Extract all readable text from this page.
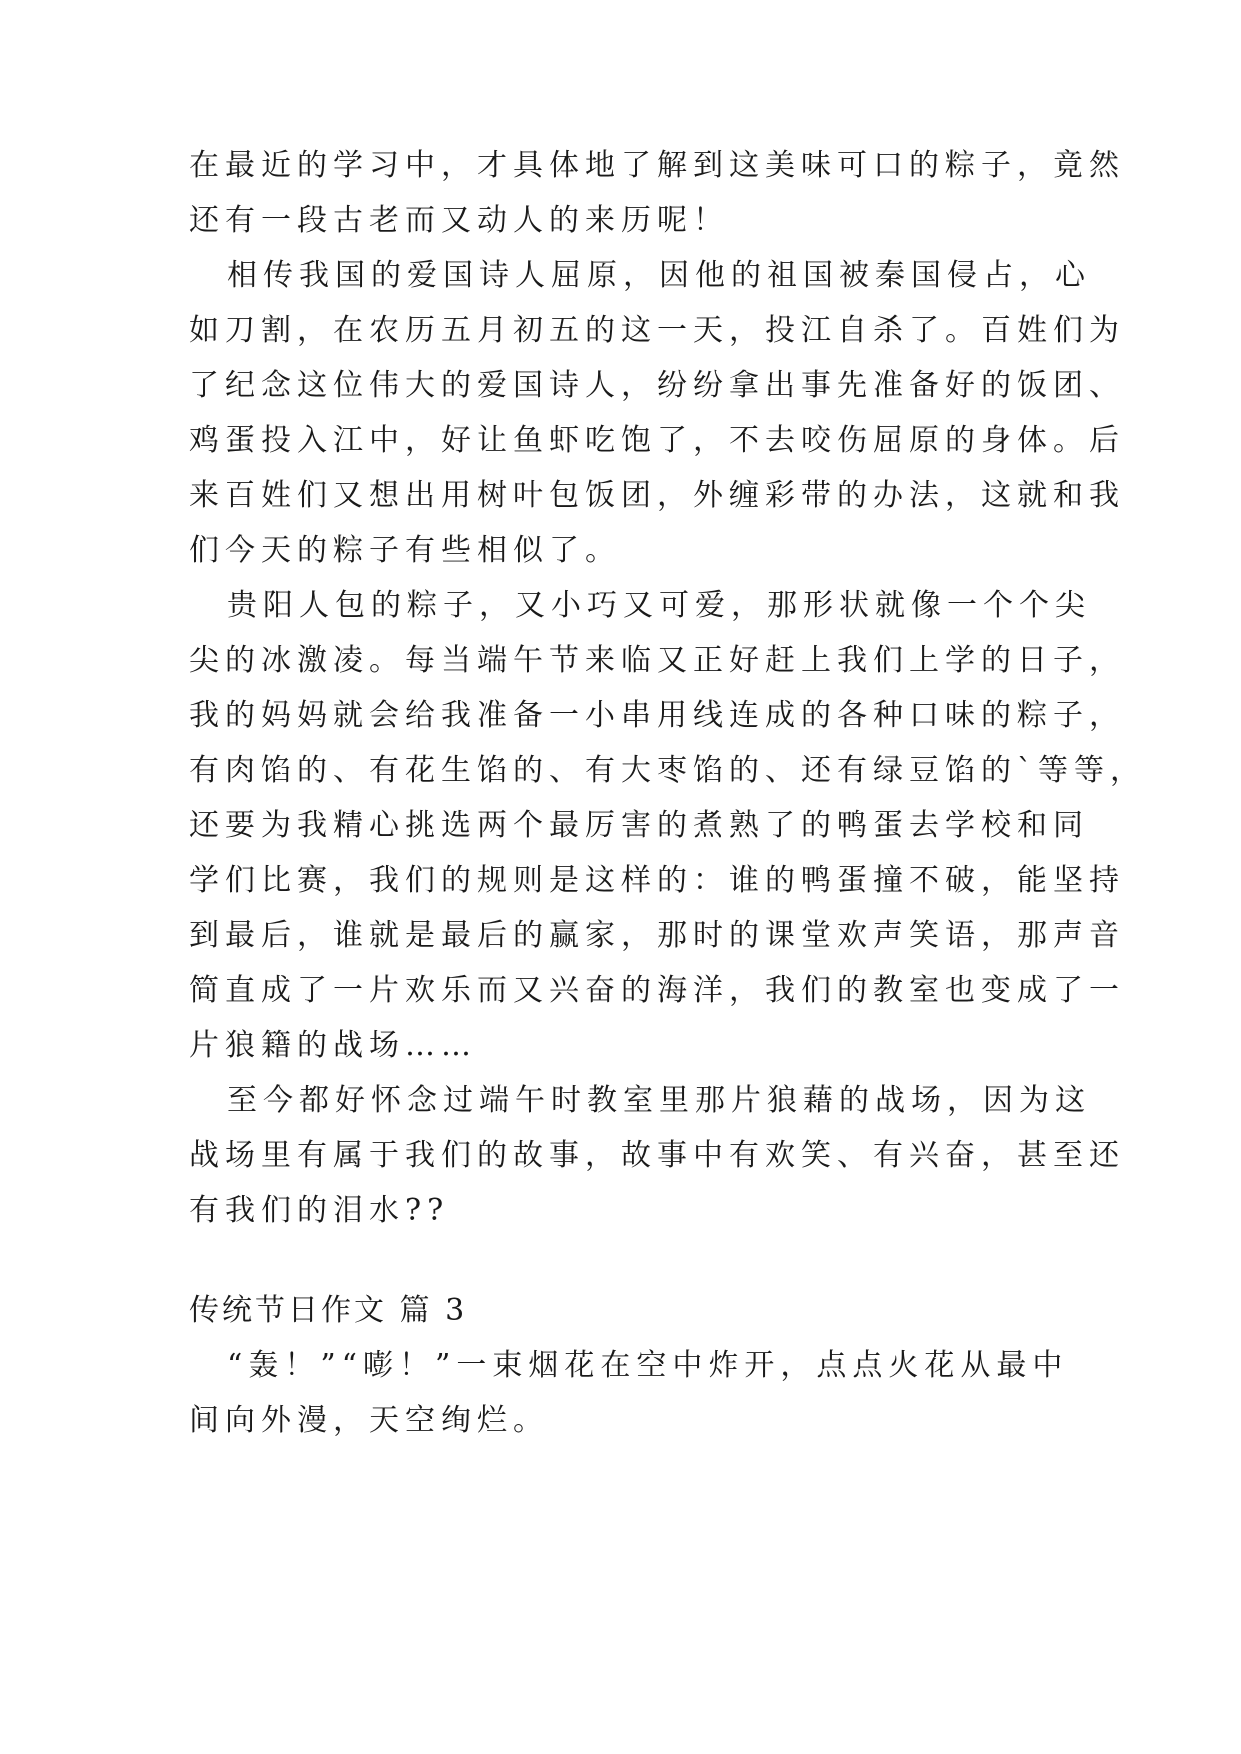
在最近的学习中，才具体地了解到这美味可口的粽子，竟然
还有一段古老而又动人的来历呢！
相传我国的爱国诗人屈原，因他的祖国被秦国侵占，心
如刀割，在农历五月初五的这一天，投江自杀了。百姓们为
了纪念这位伟大的爱国诗人，纷纷拿出事先准备好的饭团、
鸡蛋投入江中，好让鱼虾吃饱了，不去咬伤屈原的身体。后
来百姓们又想出用树叶包饭团，外缠彩带的办法，这就和我
们今天的粽子有些相似了。
贵阳人包的粽子，又小巧又可爱，那形状就像一个个尖
尖的冰激凌。每当端午节来临又正好赶上我们上学的日子，
我的妈妈就会给我准备一小串用线连成的各种口味的粽子，
有肉馅的、有花生馅的、有大枣馅的、还有绿豆馅的`等等，
还要为我精心挑选两个最厉害的煮熟了的鸭蛋去学校和同
学们比赛，我们的规则是这样的：谁的鸭蛋撞不破，能坚持
到最后，谁就是最后的赢家，那时的课堂欢声笑语，那声音
简直成了一片欢乐而又兴奋的海洋，我们的教室也变成了一
片狼籍的战场……
至今都好怀念过端午时教室里那片狼藉的战场，因为这
战场里有属于我们的故事，故事中有欢笑、有兴奋，甚至还
有我们的泪水??
传统节日作文 篇 3
“轰！”“嘭！”一束烟花在空中炸开，点点火花从最中
间向外漫，天空绚烂。
